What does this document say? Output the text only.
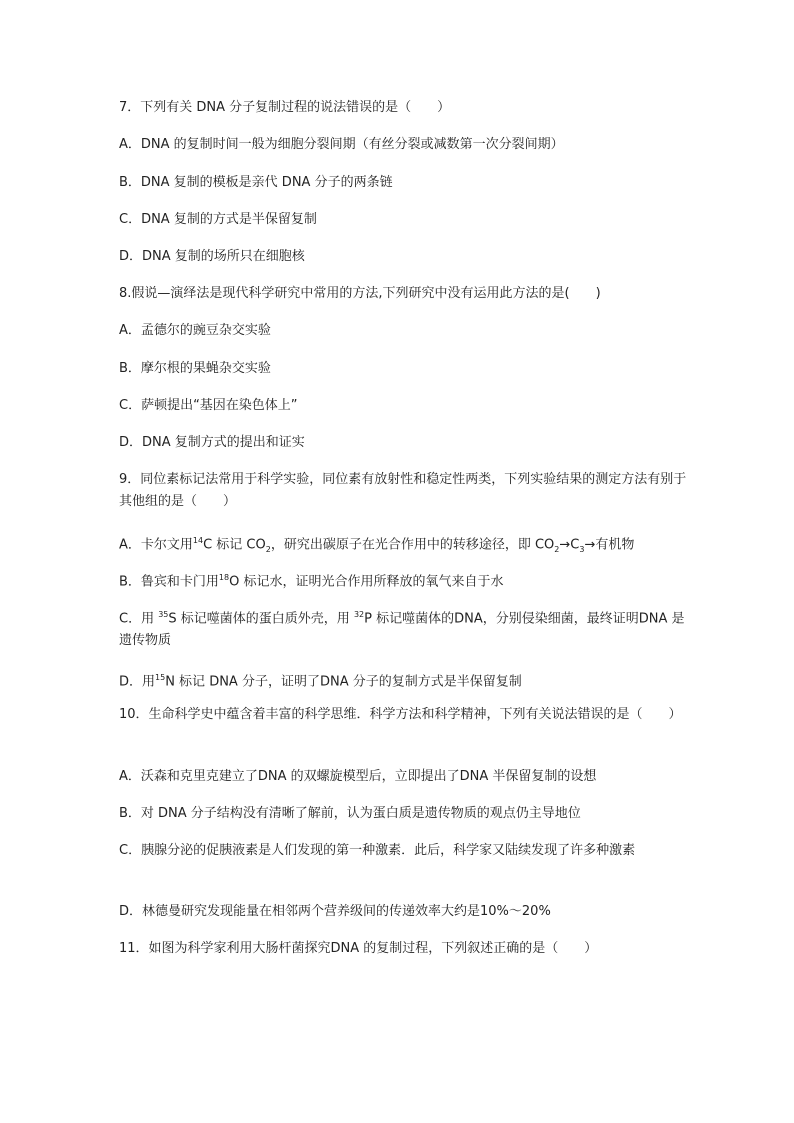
7．下列有关 DNA 分子复制过程的说法错误的是（　　）
A．DNA 的复制时间一般为细胞分裂间期（有丝分裂或减数第一次分裂间期）
B．DNA 复制的模板是亲代 DNA 分子的两条链
C．DNA 复制的方式是半保留复制
D．DNA 复制的场所只在细胞核
8.假说—演绎法是现代科学研究中常用的方法,下列研究中没有运用此方法的是(　　)
A．孟德尔的豌豆杂交实验
B．摩尔根的果蝇杂交实验
C．萨顿提出“基因在染色体上”
D．DNA 复制方式的提出和证实
9．同位素标记法常用于科学实验，同位素有放射性和稳定性两类，下列实验结果的测定方法有别于其他组的是（　　）
A．卡尔文用$^{14}$C 标记 $CO_2$，研究出碳原子在光合作用中的转移途径，即 $CO_2\to C_3\to$有机物
B．鲁宾和卡门用$^{18}$O 标记水，证明光合作用所释放的氧气来自于水
C．用 $^{35}$S 标记噬菌体的蛋白质外壳，用 $^{32}$P 标记噬菌体的DNA，分别侵染细菌，最终证明DNA 是遗传物质
D．用$^{15}$N 标记 DNA 分子，证明了DNA 分子的复制方式是半保留复制
10．生命科学史中蕴含着丰富的科学思维．科学方法和科学精神，下列有关说法错误的是（　　）
A．沃森和克里克建立了DNA 的双螺旋模型后，立即提出了DNA 半保留复制的设想
B．对 DNA 分子结构没有清晰了解前，认为蛋白质是遗传物质的观点仍主导地位
C．胰腺分泌的促胰液素是人们发现的第一种激素．此后，科学家又陆续发现了许多种激素
D．林德曼研究发现能量在相邻两个营养级间的传递效率大约是10%～20%
11．如图为科学家利用大肠杆菌探究DNA 的复制过程，下列叙述正确的是（　　）
